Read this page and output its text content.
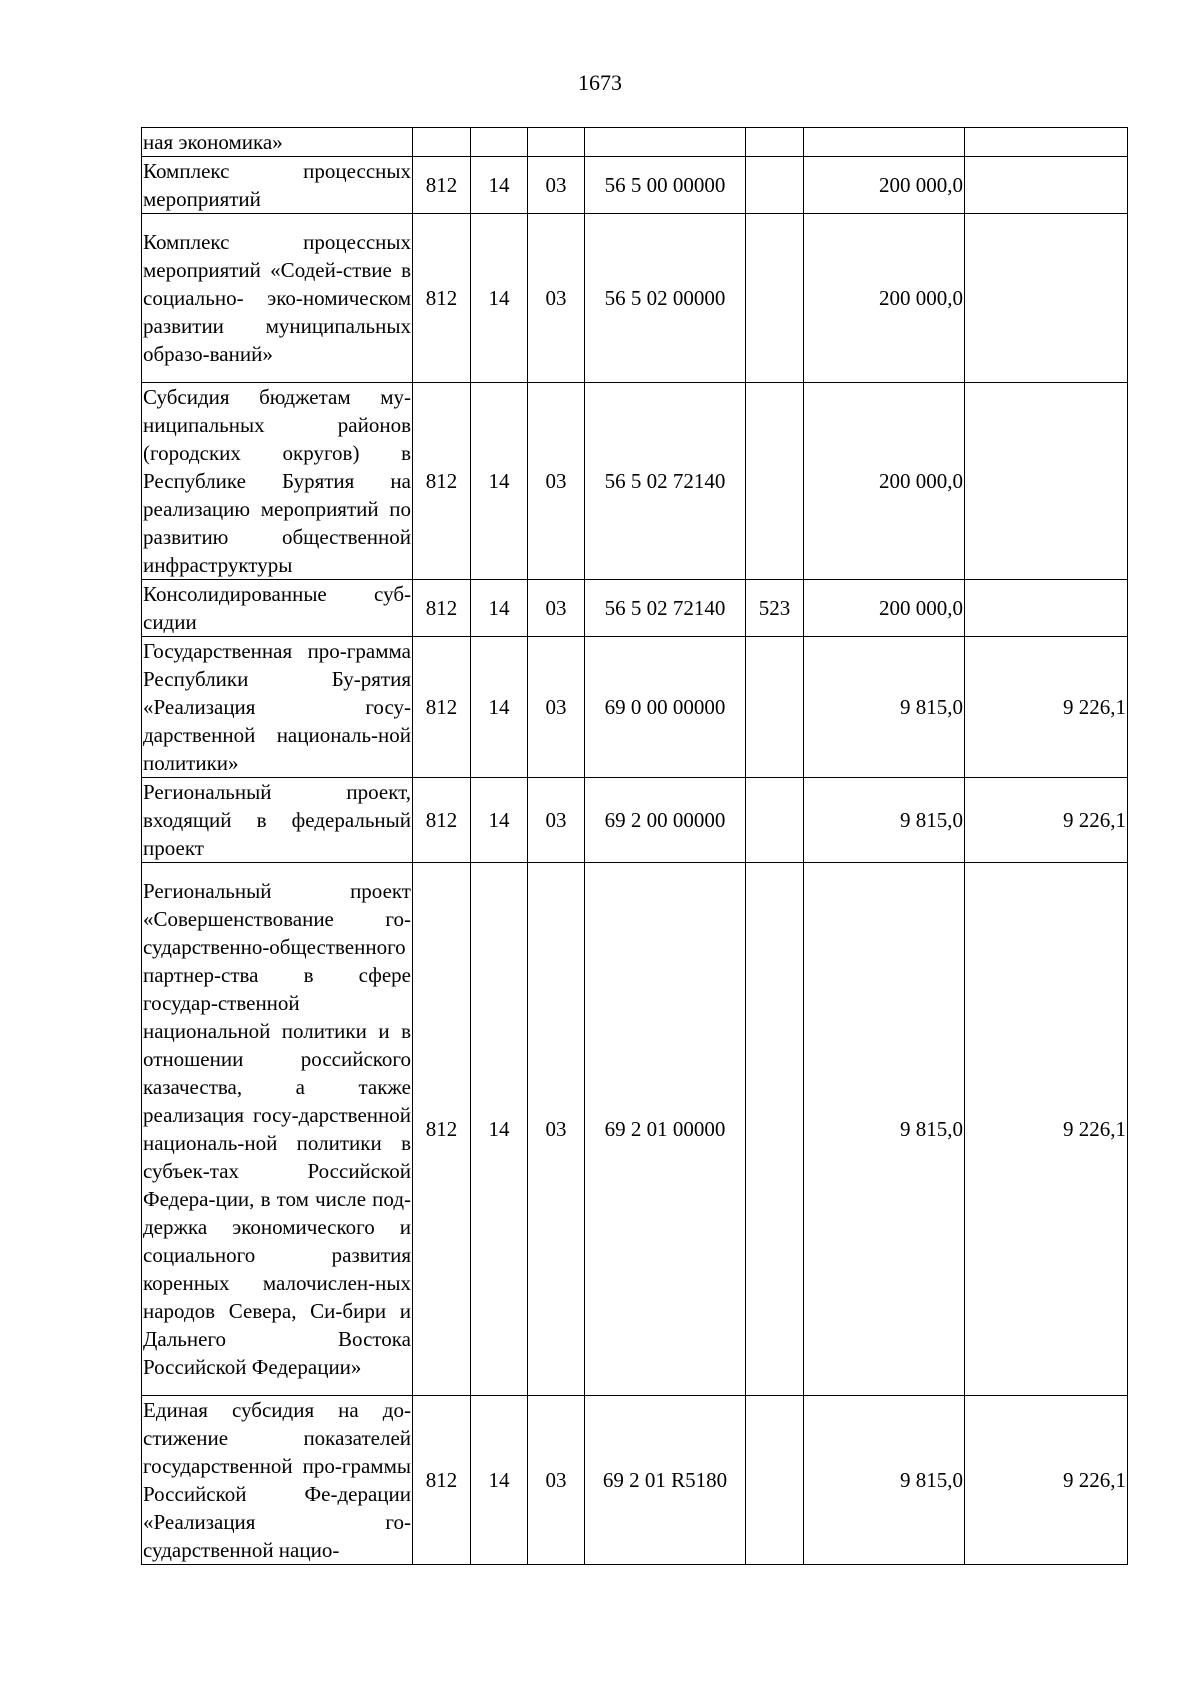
1673
ная экономика»							
Комплекс процессных мероприятий	812	14	03	56 5 00 00000		200 000,0	
Комплекс процессных мероприятий «Содей-ствие в социально- эко-номическом развитии муниципальных образо-ваний»	812	14	03	56 5 02 00000		200 000,0	
Субсидия бюджетам му-ниципальных районов (городских округов) в Республике Бурятия на реализацию мероприятий по развитию общественной инфраструктуры	812	14	03	56 5 02 72140		200 000,0	
Консолидированные суб-сидии	812	14	03	56 5 02 72140	523	200 000,0	
Государственная про-грамма Республики Бу-рятия «Реализация госу-дарственной националь-ной политики»	812	14	03	69 0 00 00000		9 815,0	9 226,1
Региональный проект, входящий в федеральный проект	812	14	03	69 2 00 00000		9 815,0	9 226,1
Региональный проект «Совершенствование го-сударственно-общественного партнер-ства в сфере государ-ственной национальной политики и в отношении российского казачества, а также реализация госу-дарственной националь-ной политики в субъек-тах Российской Федера-ции, в том числе под-держка экономического и социального развития коренных малочислен-ных народов Севера, Си-бири и Дальнего Востока Российской Федерации»	812	14	03	69 2 01 00000		9 815,0	9 226,1
Единая субсидия на до-стижение показателей государственной про-граммы Российской Фе-дерации «Реализация го-сударственной нацио-	812	14	03	69 2 01 R5180		9 815,0	9 226,1
